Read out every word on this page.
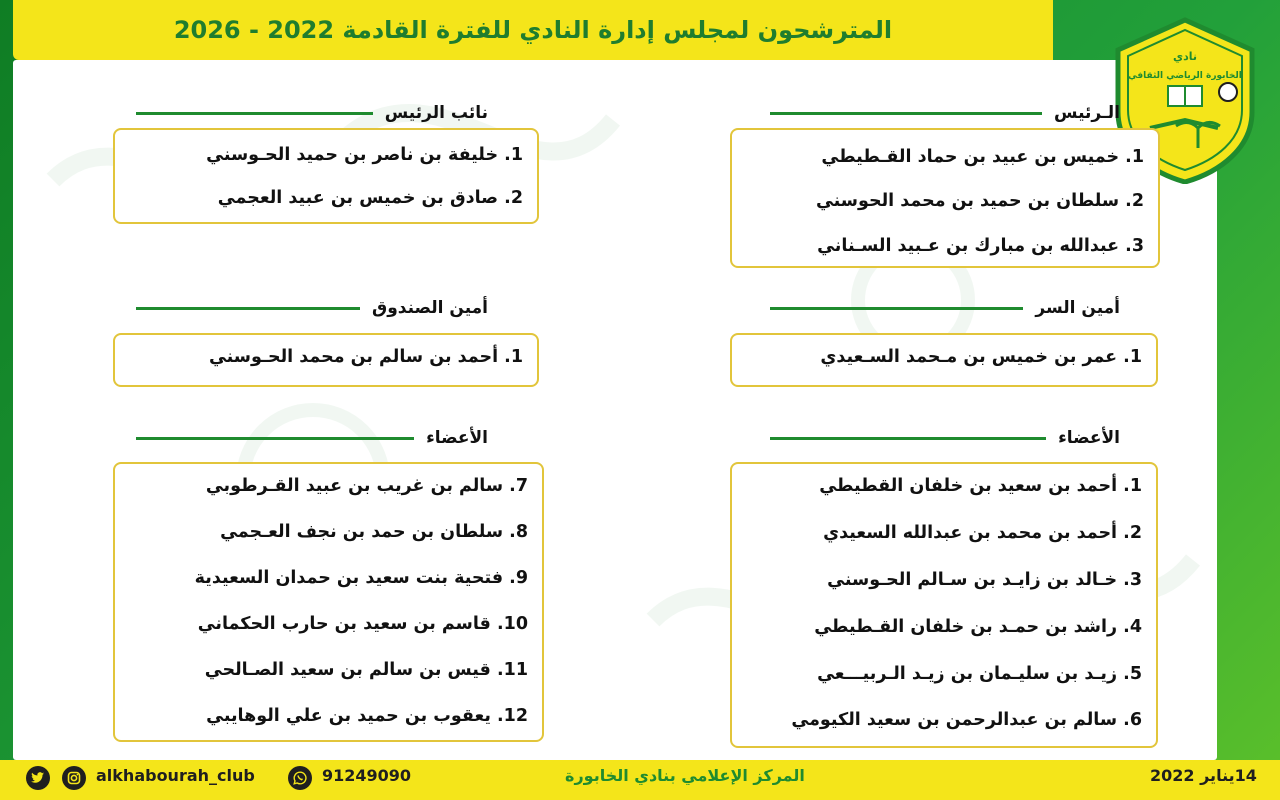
المترشحون لمجلس إدارة النادي للفترة القادمة 2022 - 2026
نادي
الخابورة الرياضي الثقافي
الـرئيس
1. خميس بن عبيد بن حماد القـطيطي
2. سلطان بن حميد بن محمد الحوسني
3. عبدالله بن مبارك بن عـبيد السـناني
نائب الرئيس
1. خليفة بن ناصر بن حميد الحـوسني
2. صادق بن خميس بن عبيد العجمي
أمين السر
1. عمر بن خميس بن مـحمد السـعيدي
أمين الصندوق
1. أحمد بن سالم بن محمد الحـوسني
الأعضاء
1. أحمد بن سعيد بن خلفان القطيطي
2. أحمد بن محمد بن عبدالله السعيدي
3. خـالد بن زايـد بن سـالم الحـوسني
4. راشد بن حمـد بن خلفان القـطيطي
5. زيـد بن سليـمان بن زيـد الـربيـــعي
6. سالم بن عبدالرحمن بن سعيد الكيومي
الأعضاء
7. سالم بن غريب بن عبيد القـرطوبي
8. سلطان بن حمد بن نجف العـجمي
9. فتحية بنت سعيد بن حمدان السعيدية
10. قاسم بن سعيد بن حارب الحكماني
11. قيس بن سالم بن سعيد الصـالحي
12. يعقوب بن حميد بن علي الوهايبي
alkhabourah_club	91249090	المركز الإعلامي بنادي الخابورة	14يناير 2022
